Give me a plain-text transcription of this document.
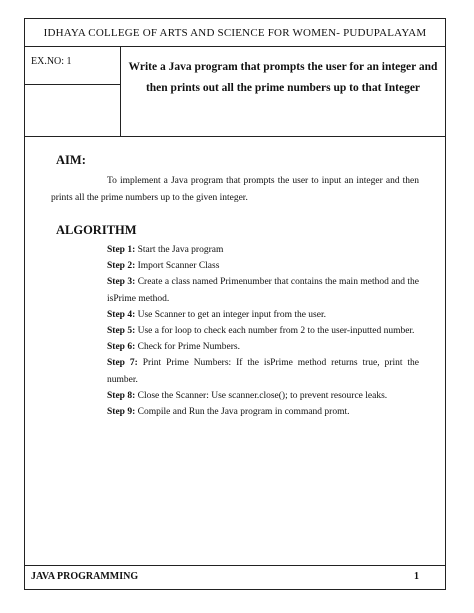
IDHAYA COLLEGE OF ARTS AND SCIENCE FOR WOMEN- PUDUPALAYAM
EX.NO: 1	Write a Java program that prompts the user for an integer and then prints out all the prime numbers up to that Integer
AIM:
To implement a Java program that prompts the user to input an integer and then prints all the prime numbers up to the given integer.
ALGORITHM
Step 1: Start the Java program
Step 2: Import Scanner Class
Step 3: Create a class named Primenumber that contains the main method and the isPrime method.
Step 4: Use Scanner to get an integer input from the user.
Step 5: Use a for loop to check each number from 2 to the user-inputted number.
Step 6: Check for Prime Numbers.
Step 7: Print Prime Numbers: If the isPrime method returns true, print the number.
Step 8: Close the Scanner: Use scanner.close(); to prevent resource leaks.
Step 9: Compile and Run the Java program in command promt.
JAVA PROGRAMMING	1
